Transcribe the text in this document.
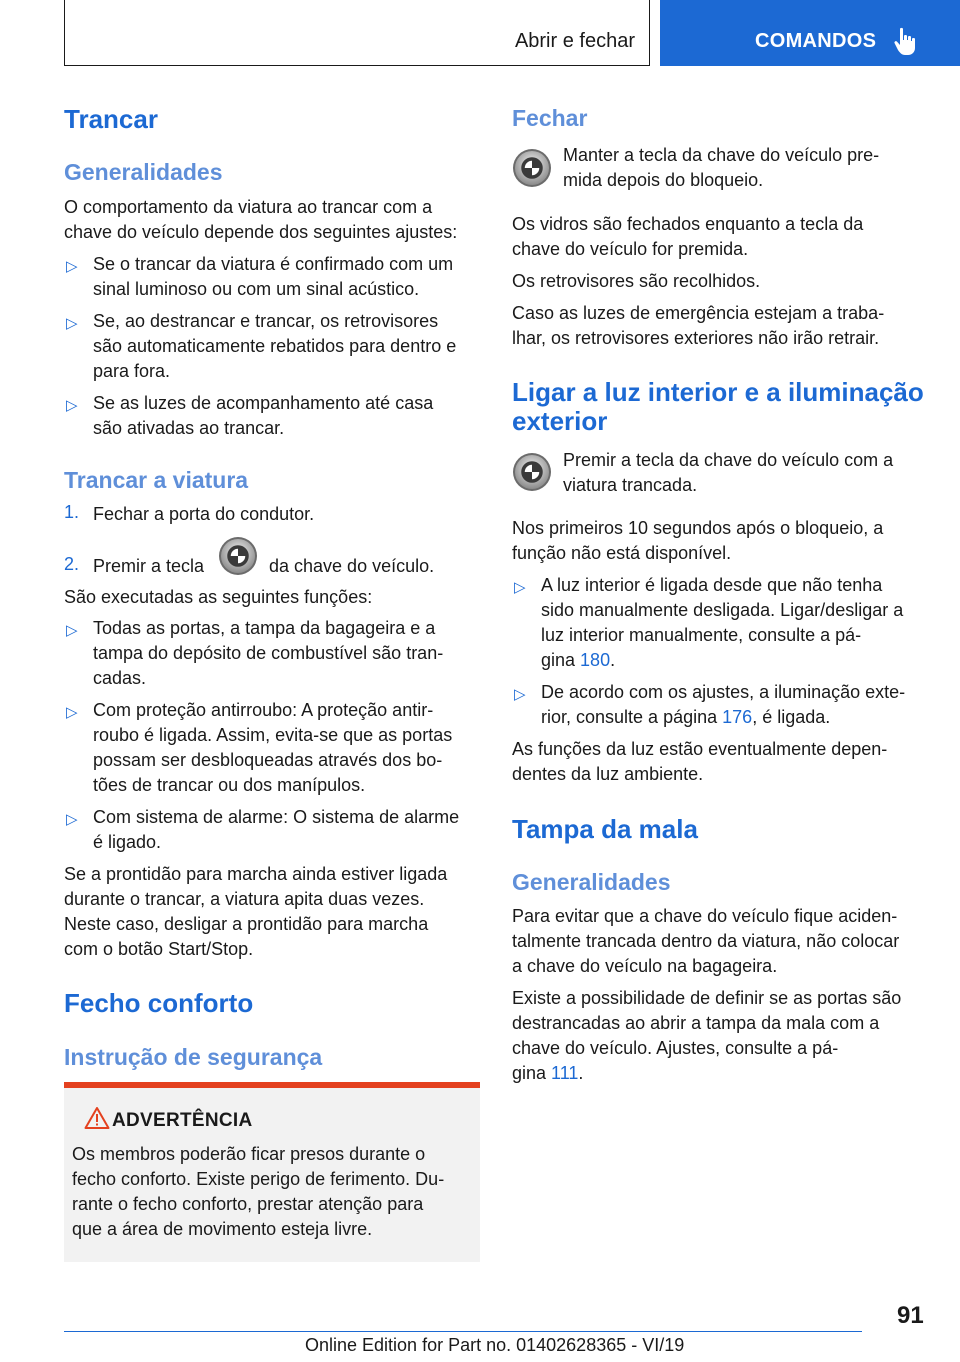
Abrir e fechar	COMANDOS
Trancar
Generalidades
O comportamento da viatura ao trancar com a
chave do veículo depende dos seguintes ajustes:
▷ Se o trancar da viatura é confirmado com um
sinal luminoso ou com um sinal acústico.
▷ Se, ao destrancar e trancar, os retrovisores
são automaticamente rebatidos para dentro e
para fora.
▷ Se as luzes de acompanhamento até casa
são ativadas ao trancar.
Trancar a viatura
1. Fechar a porta do condutor.
2. Premir a tecla	da chave do veículo.
São executadas as seguintes funções:
▷ Todas as portas, a tampa da bagageira e a
tampa do depósito de combustível são tran-
cadas.
▷ Com proteção antirroubo: A proteção antir-
roubo é ligada. Assim, evita-se que as portas
possam ser desbloqueadas através dos bo-
tões de trancar ou dos manípulos.
▷ Com sistema de alarme: O sistema de alarme
é ligado.
Se a prontidão para marcha ainda estiver ligada
durante o trancar, a viatura apita duas vezes.
Neste caso, desligar a prontidão para marcha
com o botão Start/Stop.
Fecho conforto
Instrução de segurança
ADVERTÊNCIA
Os membros poderão ficar presos durante o
fecho conforto. Existe perigo de ferimento. Du-
rante o fecho conforto, prestar atenção para
que a área de movimento esteja livre.
Fechar
Manter a tecla da chave do veículo pre-
mida depois do bloqueio.
Os vidros são fechados enquanto a tecla da
chave do veículo for premida.
Os retrovisores são recolhidos.
Caso as luzes de emergência estejam a traba-
lhar, os retrovisores exteriores não irão retrair.
Ligar a luz interior e a iluminação
exterior
Premir a tecla da chave do veículo com a
viatura trancada.
Nos primeiros 10 segundos após o bloqueio, a
função não está disponível.
▷ A luz interior é ligada desde que não tenha
sido manualmente desligada. Ligar/desligar a
luz interior manualmente, consulte a pá-
gina 180.
▷ De acordo com os ajustes, a iluminação exte-
rior, consulte a página 176, é ligada.
As funções da luz estão eventualmente depen-
dentes da luz ambiente.
Tampa da mala
Generalidades
Para evitar que a chave do veículo fique aciden-
talmente trancada dentro da viatura, não colocar
a chave do veículo na bagageira.
Existe a possibilidade de definir se as portas são
destrancadas ao abrir a tampa da mala com a
chave do veículo. Ajustes, consulte a pá-
gina 111.
91
Online Edition for Part no. 01402628365 - VI/19
